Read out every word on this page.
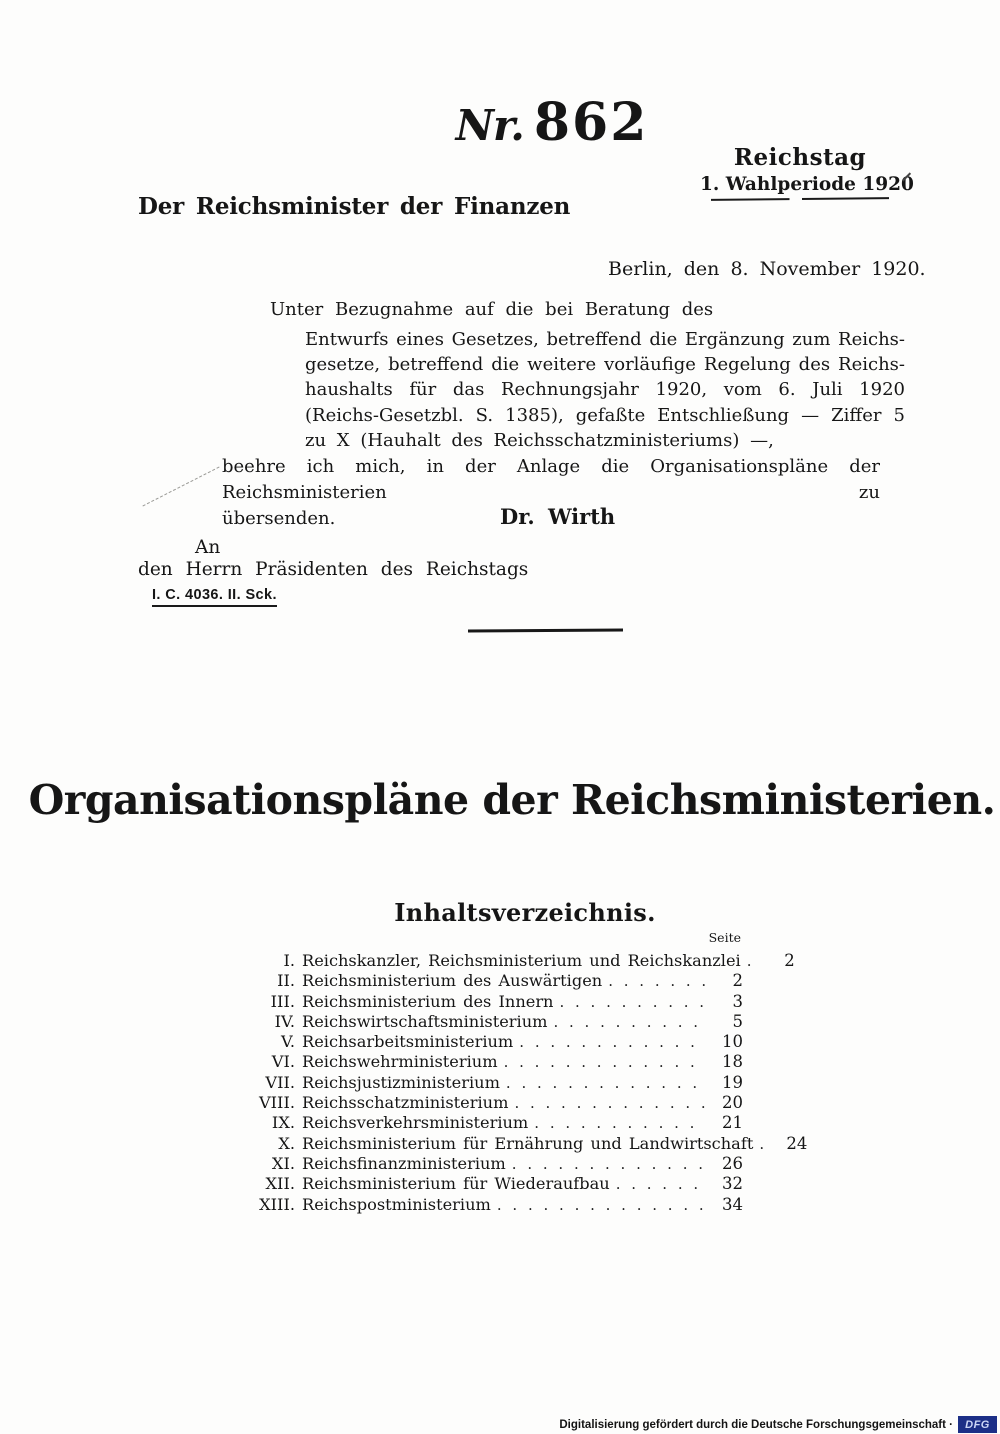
Nr. 862
Reichstag
1. Wahlperiode 1920
Der Reichsminister der Finanzen
Berlin, den 8. November 1920.
Unter Bezugnahme auf die bei Beratung des
Entwurfs eines Gesetzes, betreffend die Ergänzung zum Reichs-
gesetze, betreffend die weitere vorläufige Regelung des Reichs-
haushalts für das Rechnungsjahr 1920, vom 6. Juli 1920
(Reichs-Gesetzbl. S. 1385), gefaßte Entschließung — Ziffer 5
zu X (Hauhalt des Reichsschatzministeriums) —,
beehre ich mich, in der Anlage die Organisationspläne der Reichsministerien zu
übersenden.	Dr. Wirth
An
den Herrn Präsidenten des Reichstags
I. C. 4036. II. Sck.
Organisationspläne der Reichsministerien.
Inhaltsverzeichnis.
Seite
I. Reichskanzler, Reichsministerium und Reichskanzlei . . .	2
II. Reichsministerium des Auswärtigen . . .	2
III. Reichsministerium des Innern . . .	3
IV. Reichswirtschaftsministerium . . .	5
V. Reichsarbeitsministerium . . .	10
VI. Reichswehrministerium . . .	18
VII. Reichsjustizministerium . . .	19
VIII. Reichsschatzministerium . . .	20
IX. Reichsverkehrsministerium . . .	21
X. Reichsministerium für Ernährung und Landwirtschaft . . .	24
XI. Reichsfinanzministerium . . .	26
XII. Reichsministerium für Wiederaufbau . . .	32
XIII. Reichspostministerium . . .	34
Digitalisierung gefördert durch die Deutsche Forschungsgemeinschaft ·	DFG
